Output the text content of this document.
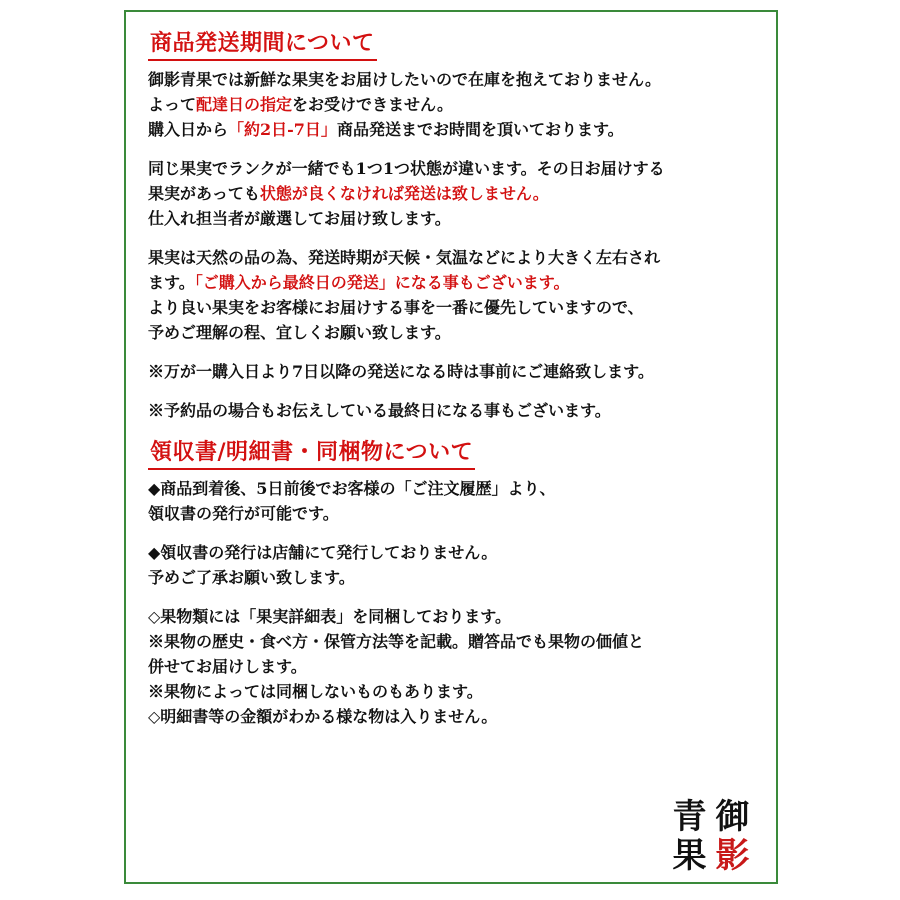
商品発送期間について
御影青果では新鮮な果実をお届けしたいので在庫を抱えておりません。
よって配達日の指定をお受けできません。
購入日から「約2日-7日」商品発送までお時間を頂いております。
同じ果実でランクが一緒でも1つ1つ状態が違います。その日お届けする
果実があっても状態が良くなければ発送は致しません。
仕入れ担当者が厳選してお届け致します。
果実は天然の品の為、発送時期が天候・気温などにより大きく左右され
ます。「ご購入から最終日の発送」になる事もございます。
より良い果実をお客様にお届けする事を一番に優先していますので、
予めご理解の程、宜しくお願い致します。
※万が一購入日より7日以降の発送になる時は事前にご連絡致します。
※予約品の場合もお伝えしている最終日になる事もございます。
領収書/明細書・同梱物について
◆商品到着後、5日前後でお客様の「ご注文履歴」より、
領収書の発行が可能です。
◆領収書の発行は店舗にて発行しておりません。
予めご了承お願い致します。
◇果物類には「果実詳細表」を同梱しております。
※果物の歴史・食べ方・保管方法等を記載。贈答品でも果物の価値と
併せてお届けします。
※果物によっては同梱しないものもあります。
◇明細書等の金額がわかる様な物は入りません。
青 御
果 影
